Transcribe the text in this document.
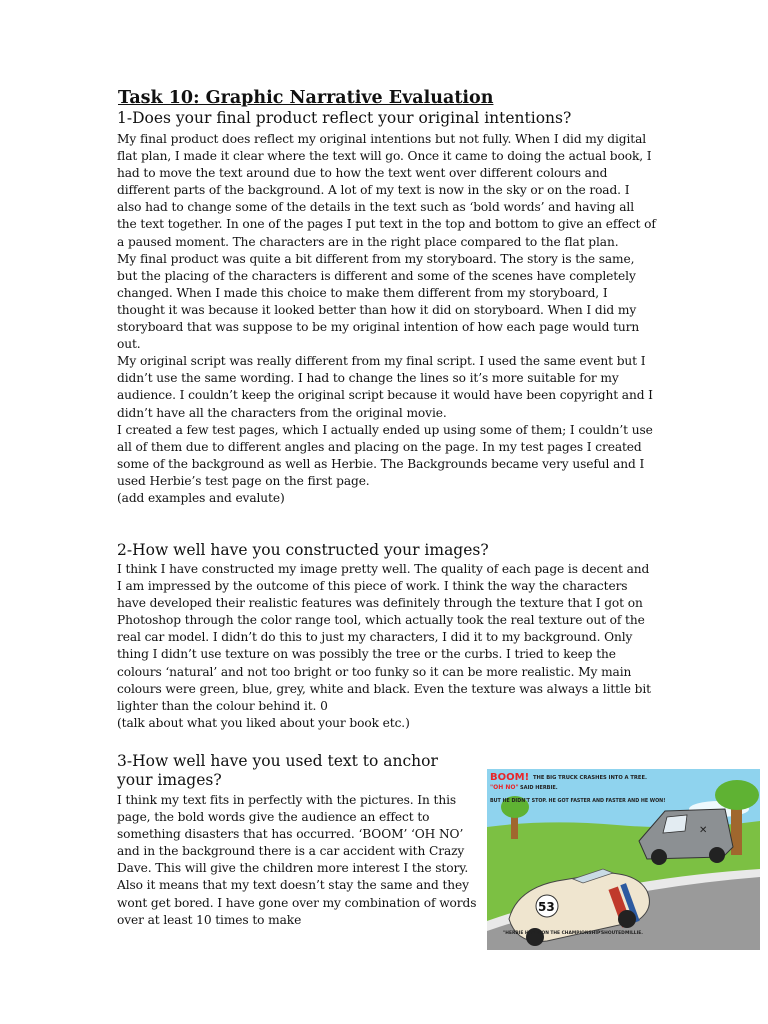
Task 10: Graphic Narrative Evaluation
1-Does your final product reflect your original intentions?

My final product does reflect my original intentions but not fully. When I did my digital flat plan, I made it clear where the text will go. Once it came to doing the actual book, I had to move the text around due to how the text went over different colours and different parts of the background. A lot of my text is now in the sky or on the road. I also had to change some of the details in the text such as ‘bold words’ and having all the text together. In one of the pages I put text in the top and bottom to give an effect of a paused moment. The characters are in the right place compared to the flat plan.

My final product was quite a bit different from my storyboard. The story is the same, but the placing of the characters is different and some of the scenes have completely changed. When I made this choice to make them different from my storyboard, I thought it was because it looked better than how it did on storyboard. When I did my storyboard that was suppose to be my original intention of how each page would turn out.

My original script was really different from my final script. I used the same event but I didn’t use the same wording. I had to change the lines so it’s more suitable for my audience. I couldn’t keep the original script because it would have been copyright and I didn’t have all the characters from the original movie.

I created a few test pages, which I actually ended up using some of them; I couldn’t use all of them due to different angles and placing on the page. In my test pages I created some of the background as well as Herbie. The Backgrounds became very useful and I used Herbie’s test page on the first page.

(add examples and evalute)

2-How well have you constructed your images?

I think I have constructed my image pretty well. The quality of each page is decent and I am impressed by the outcome of this piece of work. I think the way the characters have developed their realistic features was definitely through the texture that I got on Photoshop through the color range tool, which actually took the real texture out of the real car model. I didn’t do this to just my characters, I did it to my background. Only thing I didn’t use texture on was possibly the tree or the curbs. I tried to keep the colours ‘natural’ and not too bright or too funky so it can be more realistic. My main colours were green, blue, grey, white and black. Even the texture was always a little bit lighter than the colour behind it. 0

(talk about what you liked about your book etc.)

3-How well have you used text to anchor your images?

I think my text fits in perfectly with the pictures. In this page, the bold words give the audience an effect to something disasters that has occurred. ‘BOOM’ ‘OH NO’ and in the background there is a car accident with Crazy Dave. This will give the children more interest I the story. Also it means that my text doesn’t stay the same and they wont get bored. I have gone over my combination of words over at least 10 times to make

✕
53
BOOM! THE BIG TRUCK CRASHES INTO A TREE.
"OH NO" SAID HERBIE.
BUT HE DIDN'T STOP. HE GOT FASTER AND FASTER AND HE WON!
"HERBIE HAS WON THE CHAMPIONSHIP"
SHOUTED MILLIE.
